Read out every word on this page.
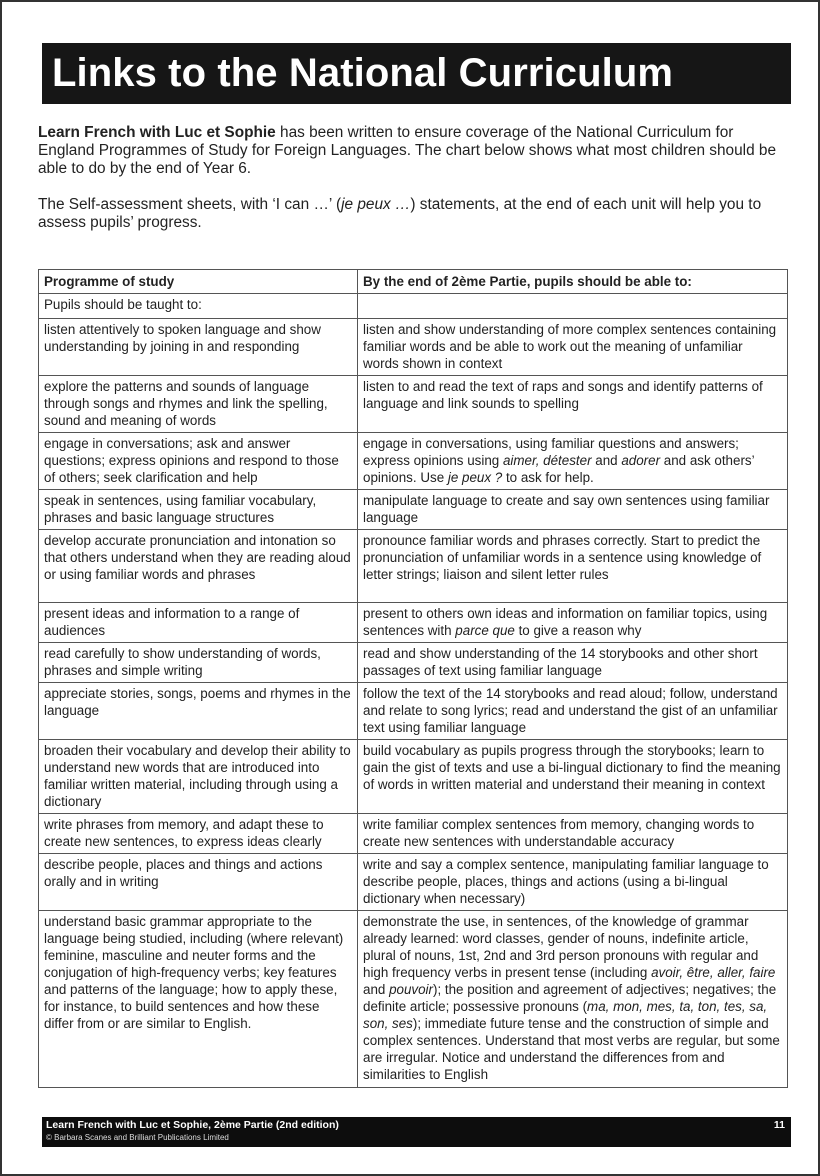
Links to the National Curriculum

Learn French with Luc et Sophie has been written to ensure coverage of the National Curriculum for England Programmes of Study for Foreign Languages. The chart below shows what most children should be able to do by the end of Year 6.

The Self-assessment sheets, with ‘I can …’ (je peux …) statements, at the end of each unit will help you to assess pupils’ progress.

Programme of study	By the end of 2ème Partie, pupils should be able to:
Pupils should be taught to:	
listen attentively to spoken language and show understanding by joining in and responding	listen and show understanding of more complex sentences containing familiar words and be able to work out the meaning of unfamiliar words shown in context
explore the patterns and sounds of language through songs and rhymes and link the spelling, sound and meaning of words	listen to and read the text of raps and songs and identify patterns of language and link sounds to spelling
engage in conversations; ask and answer questions; express opinions and respond to those of others; seek clarification and help	engage in conversations, using familiar questions and answers; express opinions using aimer, détester and adorer and ask others’ opinions. Use je peux ? to ask for help.
speak in sentences, using familiar vocabulary, phrases and basic language structures	manipulate language to create and say own sentences using familiar language
develop accurate pronunciation and intonation so that others understand when they are reading aloud or using familiar words and phrases	pronounce familiar words and phrases correctly. Start to predict the pronunciation of unfamiliar words in a sentence using knowledge of letter strings; liaison and silent letter rules
present ideas and information to a range of audiences	present to others own ideas and information on familiar topics, using sentences with parce que to give a reason why
read carefully to show understanding of words, phrases and simple writing	read and show understanding of the 14 storybooks and other short passages of text using familiar language
appreciate stories, songs, poems and rhymes in the language	follow the text of the 14 storybooks and read aloud; follow, understand and relate to song lyrics; read and understand the gist of an unfamiliar text using familiar language
broaden their vocabulary and develop their ability to understand new words that are introduced into familiar written material, including through using a dictionary	build vocabulary as pupils progress through the storybooks; learn to gain the gist of texts and use a bi-lingual dictionary to find the meaning of words in written material and understand their meaning in context
write phrases from memory, and adapt these to create new sentences, to express ideas clearly	write familiar complex sentences from memory, changing words to create new sentences with understandable accuracy
describe people, places and things and actions orally and in writing	write and say a complex sentence, manipulating familiar language to describe people, places, things and actions (using a bi-lingual dictionary when necessary)
understand basic grammar appropriate to the language being studied, including (where relevant) feminine, masculine and neuter forms and the conjugation of high-frequency verbs; key features and patterns of the language; how to apply these, for instance, to build sentences and how these differ from or are similar to English.	demonstrate the use, in sentences, of the knowledge of grammar already learned: word classes, gender of nouns, indefinite article, plural of nouns, 1st, 2nd and 3rd person pronouns with regular and high frequency verbs in present tense (including avoir, être, aller, faire and pouvoir); the position and agreement of adjectives; negatives; the definite article; possessive pronouns (ma, mon, mes, ta, ton, tes, sa, son, ses); immediate future tense and the construction of simple and complex sentences. Understand that most verbs are regular, but some are irregular. Notice and understand the differences from and similarities to English
Learn French with Luc et Sophie, 2ème Partie (2nd edition)
© Barbara Scanes and Brilliant Publications Limited
11
